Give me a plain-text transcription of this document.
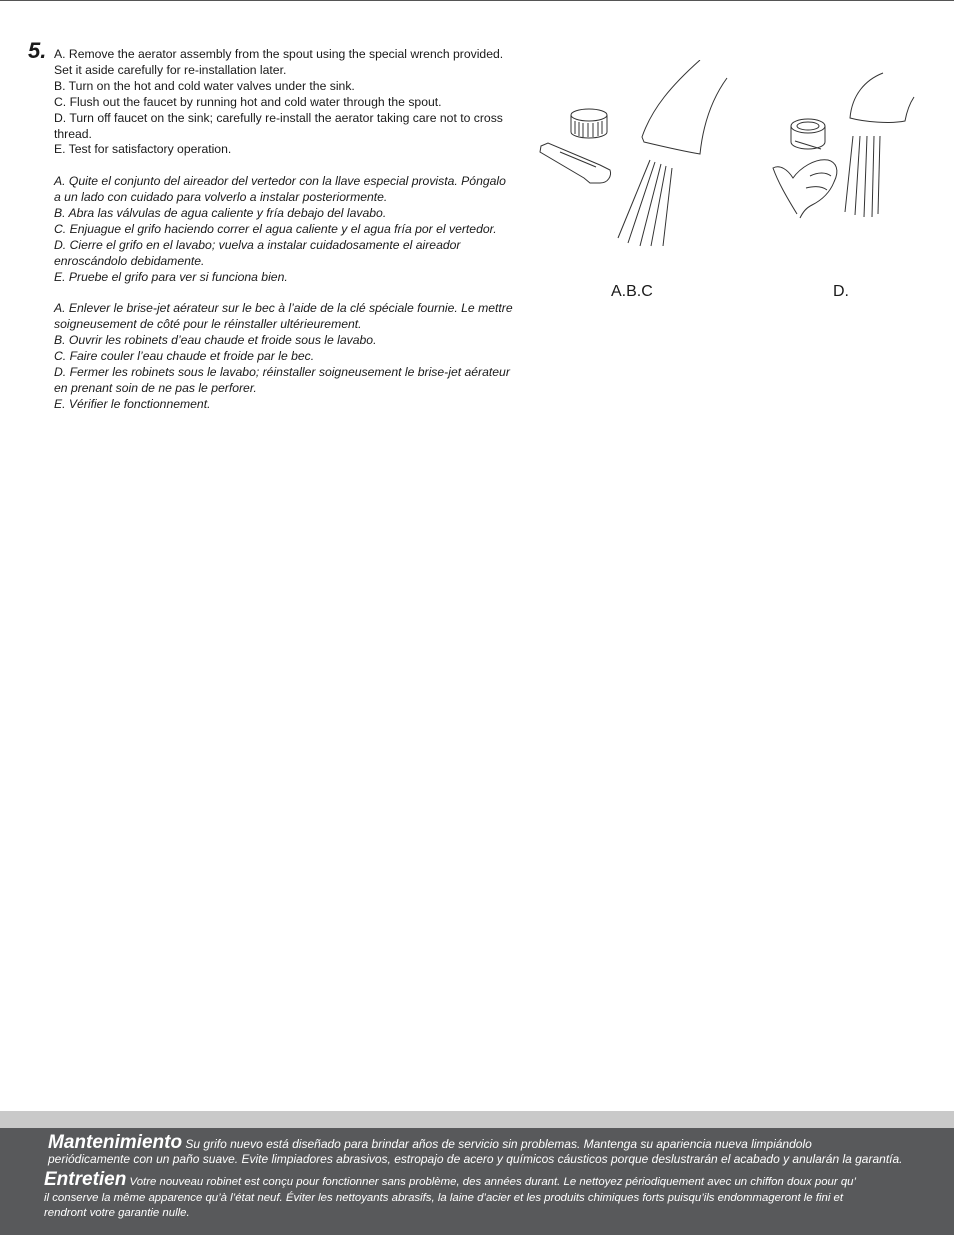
5. A. Remove the aerator assembly from the spout using the special wrench provided.

Set it aside carefully for re-installation later.

B. Turn on the hot and cold water valves under the sink.

C. Flush out the faucet by running hot and cold water through the spout.

D. Turn off faucet on the sink; carefully re-install the aerator taking care not to cross

thread.

E. Test for satisfactory operation.

A. Quite el conjunto del aireador del vertedor con la llave especial provista. Póngalo

a un lado con cuidado para volverlo a instalar posteriormente.

B. Abra las válvulas de agua caliente y fría debajo del lavabo.

C. Enjuague el grifo haciendo correr el agua caliente y el agua fría por el vertedor.

D. Cierre el grifo en el lavabo; vuelva a instalar cuidadosamente el aireador

enroscándolo debidamente.

E. Pruebe el grifo para ver si funciona bien.

A. Enlever le brise-jet aérateur sur le bec à l’aide de la clé spéciale fournie. Le mettre

soigneusement de côté pour le réinstaller ultérieurement.

B. Ouvrir les robinets d’eau chaude et froide sous le lavabo.

C. Faire couler l’eau chaude et froide par le bec.

D. Fermer les robinets sous le lavabo; réinstaller soigneusement le brise-jet aérateur

en prenant soin de ne pas le perforer.

E. Vérifier le fonctionnement.

A.B.C	D.
Mantenimiento Su grifo nuevo está diseñado para brindar años de servicio sin problemas. Mantenga su apariencia nueva limpiándolo
periódicamente con un paño suave. Evite limpiadores abrasivos, estropajo de acero y químicos cáusticos porque deslustrarán el acabado y anularán la garantía.
Entretien Votre nouveau robinet est conçu pour fonctionner sans problème, des années durant. Le nettoyez périodiquement avec un chiffon doux pour qu’
il conserve la même apparence qu’à l’état neuf. Éviter les nettoyants abrasifs, la laine d’acier et les produits chimiques forts puisqu’ils endommageront le fini et
rendront votre garantie nulle.
